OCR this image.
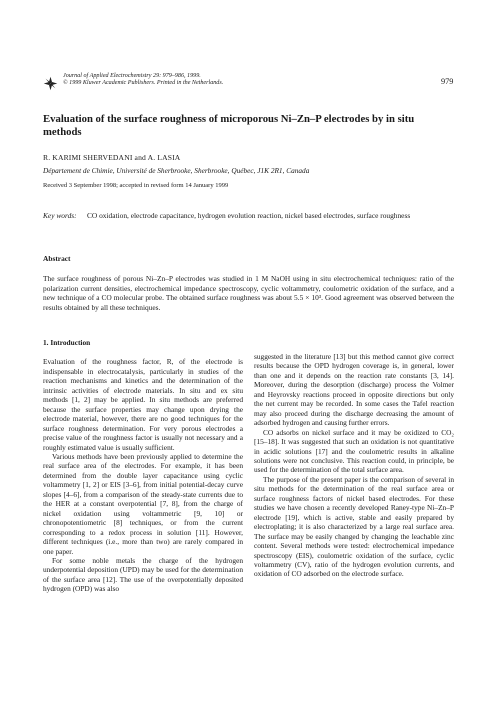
Journal of Applied Electrochemistry 29: 979–986, 1999.
© 1999 Kluwer Academic Publishers. Printed in the Netherlands.	979
Evaluation of the surface roughness of microporous Ni–Zn–P electrodes by in situ methods
R. KARIMI SHERVEDANI and A. LASIA
Département de Chimie, Université de Sherbrooke, Sherbrooke, Québec, J1K 2R1, Canada
Received 3 September 1998; accepted in revised form 14 January 1999
Key words: CO oxidation, electrode capacitance, hydrogen evolution reaction, nickel based electrodes, surface roughness
Abstract
The surface roughness of porous Ni–Zn–P electrodes was studied in 1 M NaOH using in situ electrochemical techniques: ratio of the polarization current densities, electrochemical impedance spectroscopy, cyclic voltammetry, coulometric oxidation of the surface, and a new technique of a CO molecular probe. The obtained surface roughness was about 5.5 × 10³. Good agreement was observed between the results obtained by all these techniques.
1. Introduction

Evaluation of the roughness factor, R, of the electrode is indispensable in electrocatalysis, particularly in studies of the reaction mechanisms and kinetics and the determination of the intrinsic activities of electrode materials. In situ and ex situ methods [1, 2] may be applied. In situ methods are preferred because the surface properties may change upon drying the electrode material, however, there are no good techniques for the surface roughness determination. For very porous electrodes a precise value of the roughness factor is usually not necessary and a roughly estimated value is usually sufficient.

Various methods have been previously applied to determine the real surface area of the electrodes. For example, it has been determined from the double layer capacitance using cyclic voltammetry [1, 2] or EIS [3–6], from initial potential-decay curve slopes [4–6], from a comparison of the steady-state currents due to the HER at a constant overpotential [7, 8], from the charge of nickel oxidation using voltammetric [9, 10] or chronopotentiometric [8] techniques, or from the current corresponding to a redox process in solution [11]. However, different techniques (i.e., more than two) are rarely compared in one paper.

For some noble metals the charge of the hydrogen underpotential deposition (UPD) may be used for the determination of the surface area [12]. The use of the overpotentially deposited hydrogen (OPD) was also

suggested in the literature [13] but this method cannot give correct results because the OPD hydrogen coverage is, in general, lower than one and it depends on the reaction rate constants [3, 14]. Moreover, during the desorption (discharge) process the Volmer and Heyrovsky reactions proceed in opposite directions but only the net current may be recorded. In some cases the Tafel reaction may also proceed during the discharge decreasing the amount of adsorbed hydrogen and causing further errors.

CO adsorbs on nickel surface and it may be oxidized to CO₂ [15–18]. It was suggested that such an oxidation is not quantitative in acidic solutions [17] and the coulometric results in alkaline solutions were not conclusive. This reaction could, in principle, be used for the determination of the total surface area.

The purpose of the present paper is the comparison of several in situ methods for the determination of the real surface area or surface roughness factors of nickel based electrodes. For these studies we have chosen a recently developed Raney-type Ni–Zn–P electrode [19], which is active, stable and easily prepared by electroplating; it is also characterized by a large real surface area. The surface may be easily changed by changing the leachable zinc content. Several methods were tested: electrochemical impedance spectroscopy (EIS), coulometric oxidation of the surface, cyclic voltammetry (CV), ratio of the hydrogen evolution currents, and oxidation of CO adsorbed on the electrode surface.
